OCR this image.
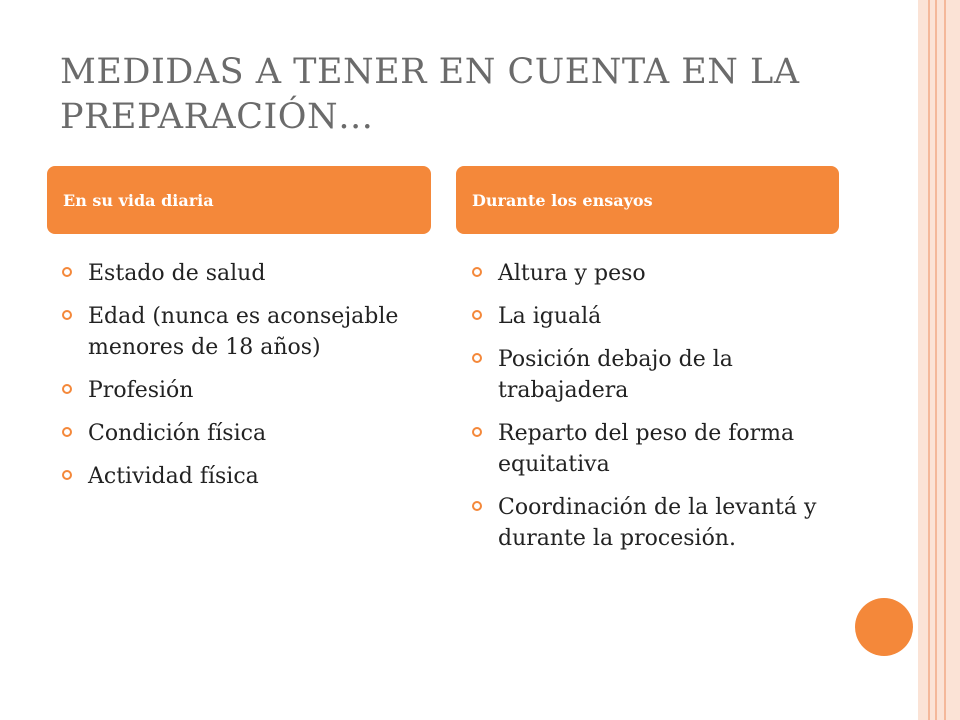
MEDIDAS A TENER EN CUENTA EN LA PREPARACIÓN…
En su vida diaria	Durante los ensayos
Estado de salud
Edad (nunca es aconsejable menores de 18 años)
Profesión
Condición física
Actividad física
Altura y peso
La igualá
Posición debajo de la trabajadera
Reparto del peso de forma equitativa
Coordinación de la levantá y durante la procesión.
